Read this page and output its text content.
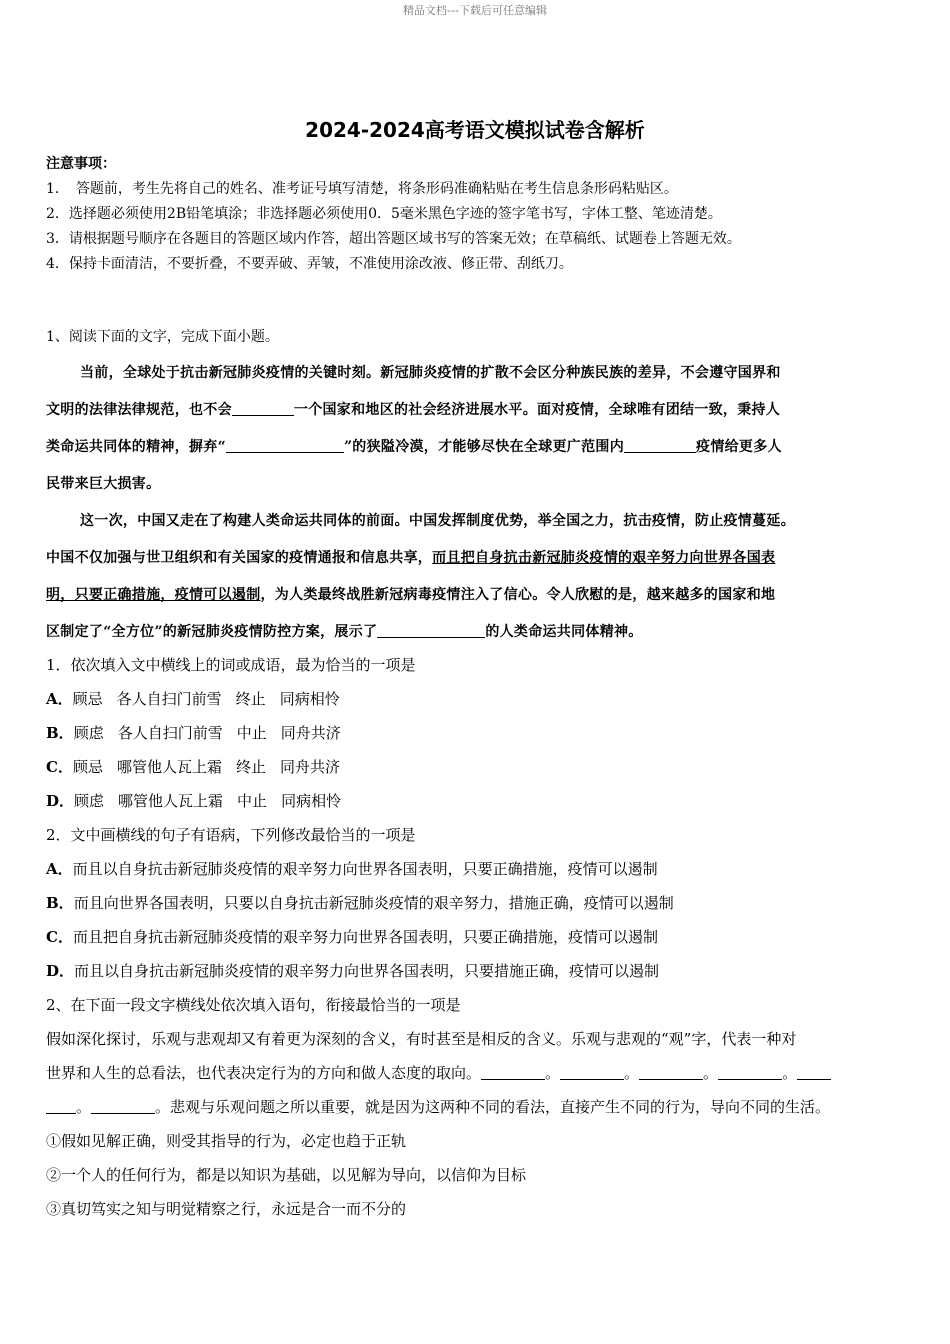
精品文档---下载后可任意编辑
2024-2024高考语文模拟试卷含解析
注意事项：
1．　答题前，考生先将自己的姓名、准考证号填写清楚，将条形码准确粘贴在考生信息条形码粘贴区。
2．选择题必须使用2B铅笔填涂；非选择题必须使用0．5毫米黑色字迹的签字笔书写，字体工整、笔迹清楚。
3．请根据题号顺序在各题目的答题区域内作答，超出答题区域书写的答案无效；在草稿纸、试题卷上答题无效。
4．保持卡面清洁，不要折叠，不要弄破、弄皱，不准使用涂改液、修正带、刮纸刀。
1、阅读下面的文字，完成下面小题。
当前，全球处于抗击新冠肺炎疫情的关键时刻。新冠肺炎疫情的扩散不会区分种族民族的差异，不会遵守国界和
文明的法律法律规范，也不会	一个国家和地区的社会经济进展水平。面对疫情，全球唯有团结一致，秉持人
类命运共同体的精神，摒弃“	”的狭隘冷漠，才能够尽快在全球更广范围内	疫情给更多人
民带来巨大损害。
这一次，中国又走在了构建人类命运共同体的前面。中国发挥制度优势，举全国之力，抗击疫情，防止疫情蔓延。
中国不仅加强与世卫组织和有关国家的疫情通报和信息共享，而且把自身抗击新冠肺炎疫情的艰辛努力向世界各国表
明，只要正确措施，疫情可以遏制，为人类最终战胜新冠病毒疫情注入了信心。令人欣慰的是，越来越多的国家和地
区制定了“全方位”的新冠肺炎疫情防控方案，展示了	的人类命运共同体精神。
1．依次填入文中横线上的词或成语，最为恰当的一项是
A．顾忌 各人自扫门前雪 终止 同病相怜
B．顾虑 各人自扫门前雪 中止 同舟共济
C．顾忌 哪管他人瓦上霜 终止 同舟共济
D．顾虑 哪管他人瓦上霜 中止 同病相怜
2．文中画横线的句子有语病，下列修改最恰当的一项是
A．而且以自身抗击新冠肺炎疫情的艰辛努力向世界各国表明，只要正确措施，疫情可以遏制
B．而且向世界各国表明，只要以自身抗击新冠肺炎疫情的艰辛努力，措施正确，疫情可以遏制
C．而且把自身抗击新冠肺炎疫情的艰辛努力向世界各国表明，只要正确措施，疫情可以遏制
D．而且以自身抗击新冠肺炎疫情的艰辛努力向世界各国表明，只要措施正确，疫情可以遏制
2、在下面一段文字横线处依次填入语句，衔接最恰当的一项是
假如深化探讨，乐观与悲观却又有着更为深刻的含义，有时甚至是相反的含义。乐观与悲观的“观”字，代表一种对
世界和人生的总看法，也代表决定行为的方向和做人态度的取向。	。	。	。	。
。	。悲观与乐观问题之所以重要，就是因为这两种不同的看法，直接产生不同的行为，导向不同的生活。
①假如见解正确，则受其指导的行为，必定也趋于正轨
②一个人的任何行为，都是以知识为基础，以见解为导向，以信仰为目标
③真切笃实之知与明觉精察之行，永远是合一而不分的
